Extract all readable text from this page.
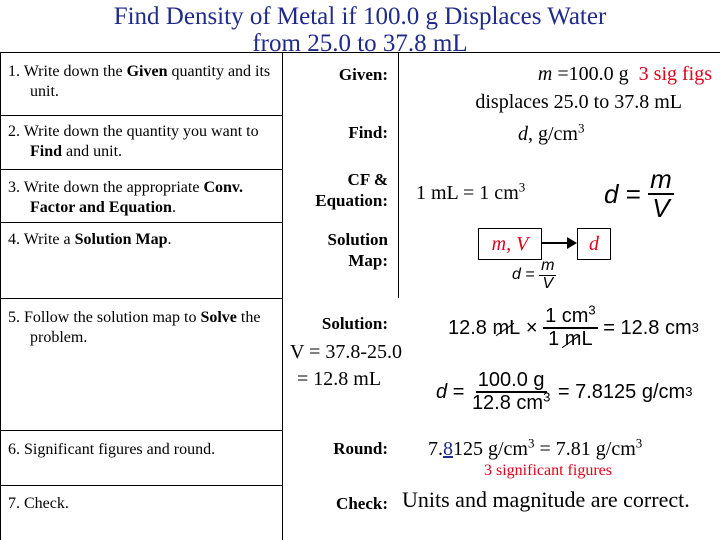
Find Density of Metal if 100.0 g Displaces Water
from 25.0 to 37.8 mL
1. Write down the Given quantity and its unit.
2. Write down the quantity you want to Find and unit.
3. Write down the appropriate Conv. Factor and Equation.
4. Write a Solution Map.
5. Follow the solution map to Solve the problem.
6. Significant figures and round.
7. Check.
Given:
Find:
CF &
Equation:
Solution
Map:
Solution:
Round:
Check:
m =100.0 g 3 sig figs
displaces 25.0 to 37.8 mL
d, $g/cm^3$
1 mL = 1 $cm^3$	d
=
$\frac{m}{V}$
m, V	d
d
=
$\frac{m}{V}$
V = 37.8-25.0
= 12.8 mL
12.8 mL
×
$\frac{1 cm^3}{1 mL}$
= 12.8 cm 3
d
=
$\frac{100.0 g}{12.8 cm^3}$
= 7.8125 g/cm 3
7.8125 $g/cm^3 = 7.81$ $g/cm^3$
3 significant figures
Units and magnitude are correct.
